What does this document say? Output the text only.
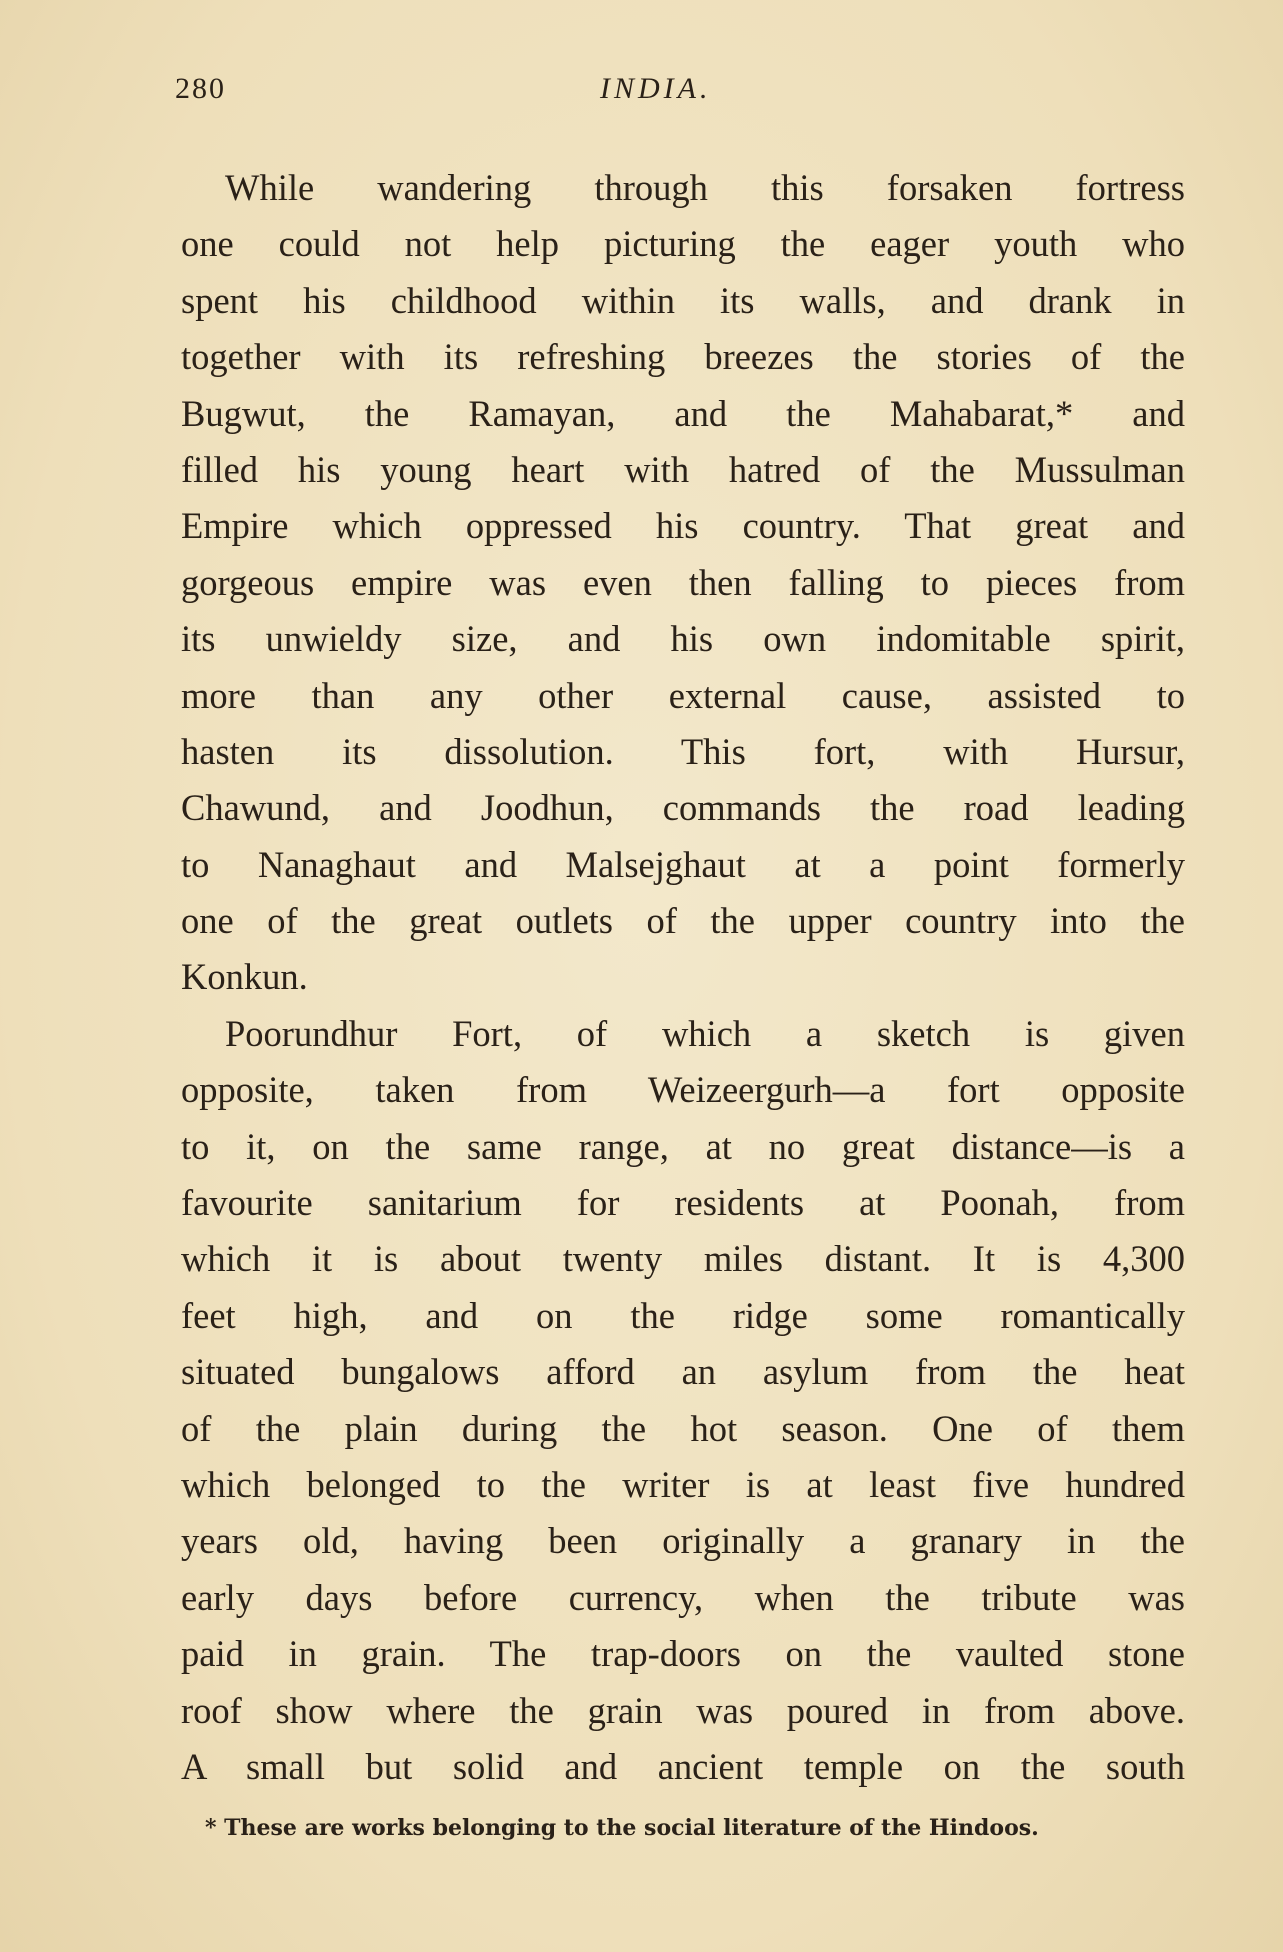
280	INDIA.
While wandering through this forsaken fortress
one could not help picturing the eager youth who
spent his childhood within its walls, and drank in
together with its refreshing breezes the stories of the
Bugwut, the Ramayan, and the Mahabarat,* and
filled his young heart with hatred of the Mussulman
Empire which oppressed his country. That great and
gorgeous empire was even then falling to pieces from
its unwieldy size, and his own indomitable spirit,
more than any other external cause, assisted to
hasten its dissolution. This fort, with Hursur,
Chawund, and Joodhun, commands the road leading
to Nanaghaut and Malsejghaut at a point formerly
one of the great outlets of the upper country into the
Konkun.
Poorundhur Fort, of which a sketch is given
opposite, taken from Weizeergurh—a fort opposite
to it, on the same range, at no great distance—is a
favourite sanitarium for residents at Poonah, from
which it is about twenty miles distant. It is 4,300
feet high, and on the ridge some romantically
situated bungalows afford an asylum from the heat
of the plain during the hot season. One of them
which belonged to the writer is at least five hundred
years old, having been originally a granary in the
early days before currency, when the tribute was
paid in grain. The trap-doors on the vaulted stone
roof show where the grain was poured in from above.
A small but solid and ancient temple on the south
* These are works belonging to the social literature of the Hindoos.
